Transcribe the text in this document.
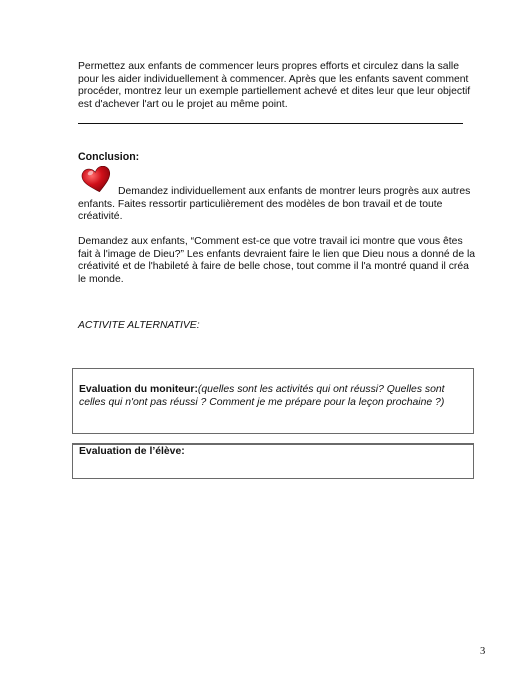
Permettez aux enfants de commencer leurs propres efforts et circulez dans la salle pour les aider individuellement à commencer. Après que les enfants savent comment procéder, montrez leur un exemple partiellement achevé et dites leur que leur objectif est d'achever l'art ou le projet au même point.

Conclusion:

Demandez individuellement aux enfants de montrer leurs progrès aux autres enfants. Faites ressortir particulièrement des modèles de bon travail et de toute créativité.

Demandez aux enfants, “Comment est-ce que votre travail ici montre que vous êtes fait à l'image de Dieu?” Les enfants devraient faire le lien que Dieu nous a donné de la créativité et de l'habileté à faire de belle chose, tout comme il l'a montré quand il créa le monde.

ACTIVITE ALTERNATIVE:

Evaluation du moniteur:(quelles sont les activités qui ont réussi? Quelles sont celles qui n'ont pas réussi ? Comment je me prépare pour la leçon prochaine ?)
Evaluation de l’élève:
3
